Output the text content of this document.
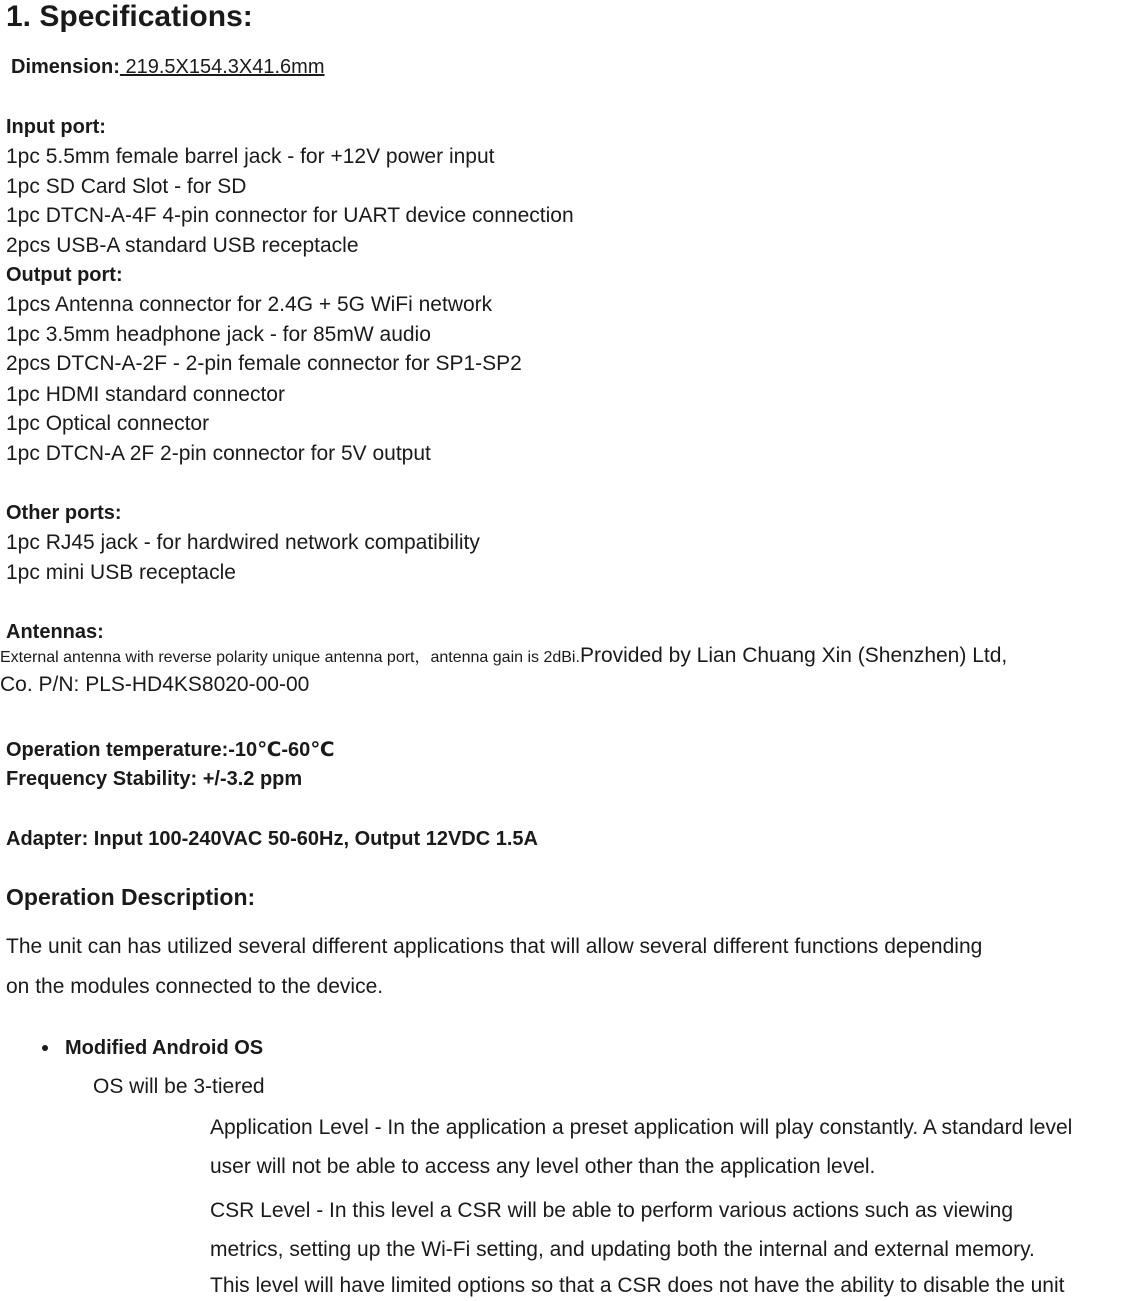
1. Specifications:
Dimension: 219.5X154.3X41.6mm
Input port:
1pc 5.5mm female barrel jack - for +12V power input
1pc SD Card Slot - for SD
1pc DTCN-A-4F 4-pin connector for UART device connection
2pcs USB-A standard USB receptacle
Output port:
1pcs Antenna connector for 2.4G + 5G WiFi network
1pc 3.5mm headphone jack - for 85mW audio
2pcs DTCN-A-2F - 2-pin female connector for SP1-SP2
1pc HDMI standard connector
1pc Optical connector
1pc DTCN-A 2F 2-pin connector for 5V output
Other ports:
1pc RJ45 jack - for hardwired network compatibility
1pc mini USB receptacle
Antennas:
External antenna with reverse polarity unique antenna port，antenna gain is 2dBi.Provided by Lian Chuang Xin (Shenzhen) Ltd,
Co. P/N: PLS-HD4KS8020-00-00
Operation temperature:-10℃-60℃
Frequency Stability: +/-3.2 ppm
Adapter: Input 100-240VAC 50-60Hz, Output 12VDC 1.5A
Operation Description:
The unit can has utilized several different applications that will allow several different functions depending
on the modules connected to the device.
Modified Android OS
OS will be 3-tiered
Application Level - In the application a preset application will play constantly. A standard level
user will not be able to access any level other than the application level.
CSR Level - In this level a CSR will be able to perform various actions such as viewing
metrics, setting up the Wi-Fi setting, and updating both the internal and external memory.
This level will have limited options so that a CSR does not have the ability to disable the unit
